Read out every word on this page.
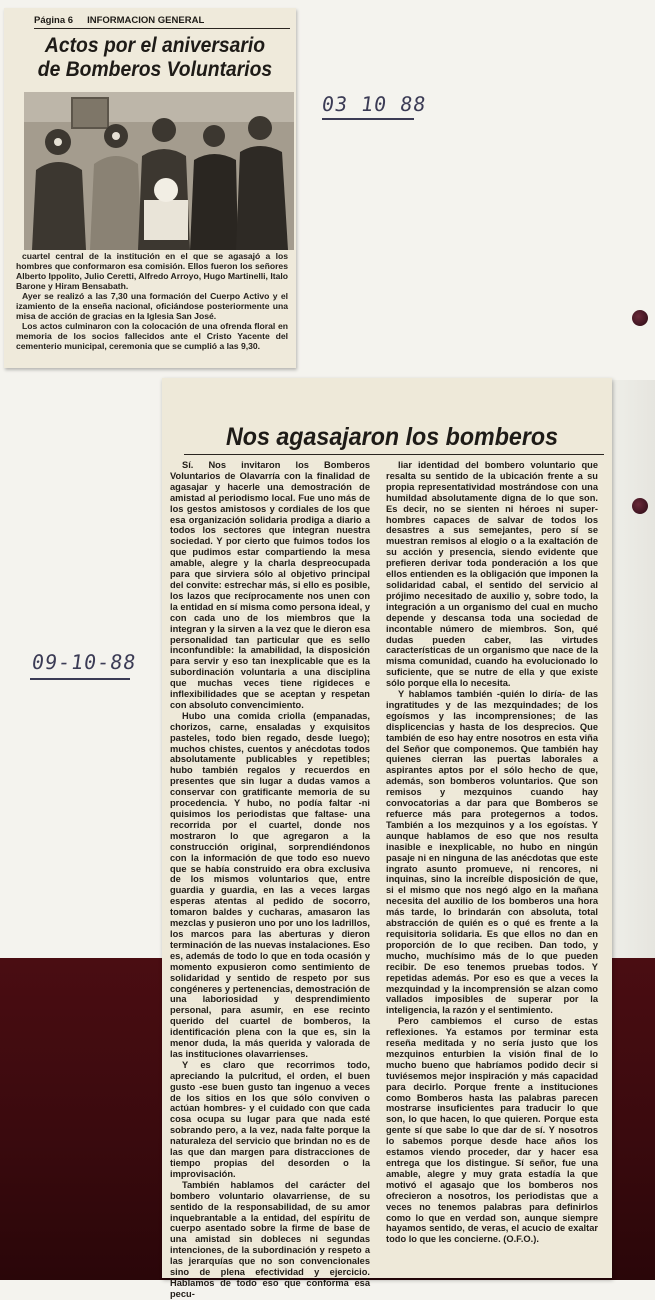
Página 6 INFORMACION GENERAL
Actos por el aniversario
de Bomberos Voluntarios

cuartel central de la institución en el que se agasajó a los hombres que conformaron esa comisión. Ellos fueron los señores Alberto Ippolito, Julio Ceretti, Alfredo Arroyo, Hugo Martinelli, Italo Barone y Hiram Bensabath.

Ayer se realizó a las 7,30 una formación del Cuerpo Activo y el izamiento de la enseña nacional, oficiándose posteriormente una misa de acción de gracias en la Iglesia San José.

Los actos culminaron con la colocación de una ofrenda floral en memoria de los socios fallecidos ante el Cristo Yacente del cementerio municipal, ceremonia que se cumplió a las 9,30.

03 10 88
09-10-88
Nos agasajaron los bomberos

Sí. Nos invitaron los Bomberos Voluntarios de Olavarría con la finalidad de agasajar y hacerle una demostración de amistad al periodismo local. Fue uno más de los gestos amistosos y cordiales de los que esa organización solidaria prodiga a diario a todos los sectores que integran nuestra sociedad. Y por cierto que fuimos todos los que pudimos estar compartiendo la mesa amable, alegre y la charla despreocupada para que sirviera sólo al objetivo principal del convite: estrechar más, si ello es posible, los lazos que recíprocamente nos unen con la entidad en sí misma como persona ideal, y con cada uno de los miembros que la integran y la sirven a la vez que le dieron esa personalidad tan particular que es sello inconfundible: la amabilidad, la disposición para servir y eso tan inexplicable que es la subordinación voluntaria a una disciplina que muchas veces tiene rigideces e inflexibilidades que se aceptan y respetan con absoluto convencimiento.

Hubo una comida criolla (empanadas, chorizos, carne, ensaladas y exquisitos pasteles, todo bien regado, desde luego); muchos chistes, cuentos y anécdotas todos absolutamente publicables y repetibles; hubo también regalos y recuerdos en presentes que sin lugar a dudas vamos a conservar con gratificante memoria de su procedencia. Y hubo, no podía faltar -ni quisimos los periodistas que faltase- una recorrida por el cuartel, donde nos mostraron lo que agregaron a la construcción original, sorprendiéndonos con la información de que todo eso nuevo que se había construido era obra exclusiva de los mismos voluntarios que, entre guardia y guardia, en las a veces largas esperas atentas al pedido de socorro, tomaron baldes y cucharas, amasaron las mezclas y pusieron uno por uno los ladrillos, los marcos para las aberturas y dieron terminación de las nuevas instalaciones. Eso es, además de todo lo que en toda ocasión y momento expusieron como sentimiento de solidaridad y sentido de respeto por sus congéneres y pertenencias, demostración de una laboriosidad y desprendimiento personal, para asumir, en ese recinto querido del cuartel de bomberos, la identificación plena con la que es, sin la menor duda, la más querida y valorada de las instituciones olavarrienses.

Y es claro que recorrimos todo, apreciando la pulcritud, el orden, el buen gusto -ese buen gusto tan ingenuo a veces de los sitios en los que sólo conviven o actúan hombres- y el cuidado con que cada cosa ocupa su lugar para que nada esté sobrando pero, a la vez, nada falte porque la naturaleza del servicio que brindan no es de las que dan margen para distracciones de tiempo propias del desorden o la improvisación.

También hablamos del carácter del bombero voluntario olavarriense, de su sentido de la responsabilidad, de su amor inquebrantable a la entidad, del espíritu de cuerpo asentado sobre la firme de base de una amistad sin dobleces ni segundas intenciones, de la subordinación y respeto a las jerarquías que no son convencionales sino de plena efectividad y ejercicio. Hablamos de todo eso que conforma esa pecu-

liar identidad del bombero voluntario que resalta su sentido de la ubicación frente a su propia representatividad mostrándose con una humildad absolutamente digna de lo que son. Es decir, no se sienten ni héroes ni super-hombres capaces de salvar de todos los desastres a sus semejantes, pero sí se muestran remisos al elogio o a la exaltación de su acción y presencia, siendo evidente que prefieren derivar toda ponderación a los que ellos entienden es la obligación que imponen la solidaridad cabal, el sentido del servicio al prójimo necesitado de auxilio y, sobre todo, la integración a un organismo del cual en mucho depende y descansa toda una sociedad de incontable número de miembros. Son, qué dudas pueden caber, las virtudes características de un organismo que nace de la misma comunidad, cuando ha evolucionado lo suficiente, que se nutre de ella y que existe sólo porque ella lo necesita.

Y hablamos también -quién lo diría- de las ingratitudes y de las mezquindades; de los egoísmos y las incomprensiones; de las displicencias y hasta de los desprecios. Que también de eso hay entre nosotros en esta viña del Señor que componemos. Que también hay quienes cierran las puertas laborales a aspirantes aptos por el sólo hecho de que, además, son bomberos voluntarios. Que son remisos y mezquinos cuando hay convocatorias a dar para que Bomberos se refuerce más para protegernos a todos. También a los mezquinos y a los egoístas. Y aunque hablamos de eso que nos resulta inasible e inexplicable, no hubo en ningún pasaje ni en ninguna de las anécdotas que este ingrato asunto promueve, ni rencores, ni inquinas, sino la increíble disposición de que, si el mismo que nos negó algo en la mañana necesita del auxilio de los bomberos una hora más tarde, lo brindarán con absoluta, total abstracción de quién es o qué es frente a la requisitoria solidaria. Es que ellos no dan en proporción de lo que reciben. Dan todo, y mucho, muchísimo más de lo que pueden recibir. De eso tenemos pruebas todos. Y repetidas además. Por eso es que a veces la mezquindad y la incomprensión se alzan como vallados imposibles de superar por la inteligencia, la razón y el sentimiento.

Pero cambiemos el curso de estas reflexiones. Ya estamos por terminar esta reseña meditada y no sería justo que los mezquinos enturbien la visión final de lo mucho bueno que habríamos podido decir si tuviésemos mejor inspiración y más capacidad para decirlo. Porque frente a instituciones como Bomberos hasta las palabras parecen mostrarse insuficientes para traducir lo que son, lo que hacen, lo que quieren. Porque esta gente sí que sabe lo que dar de sí. Y nosotros lo sabemos porque desde hace años los estamos viendo proceder, dar y hacer esa entrega que los distingue. Sí señor, fue una amable, alegre y muy grata estadía la que motivó el agasajo que los bomberos nos ofrecieron a nosotros, los periodistas que a veces no tenemos palabras para definirlos como lo que en verdad son, aunque siempre hayamos sentido, de veras, el acucio de exaltar todo lo que les concierne. (O.F.O.).
